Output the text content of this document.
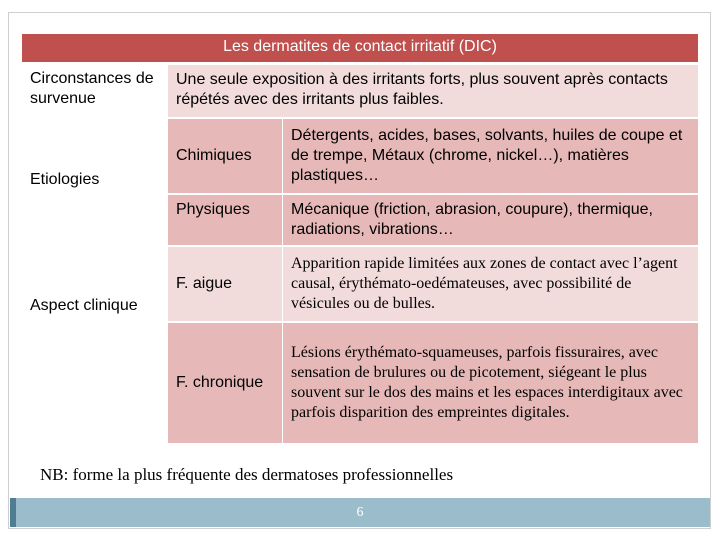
Les dermatites de contact irritatif (DIC)
Circonstances de survenue
Une seule exposition à des irritants forts, plus souvent après contacts répétés avec des irritants plus faibles.
Etiologies
Chimiques
Détergents, acides, bases, solvants, huiles de coupe et de trempe, Métaux (chrome, nickel…), matières plastiques…
Physiques	Mécanique (friction, abrasion, coupure), thermique, radiations, vibrations…
Aspect clinique
F. aigue
Apparition rapide limitées aux zones de contact avec l’agent causal, érythémato-oedémateuses, avec possibilité de vésicules ou de bulles.
F. chronique
Lésions érythémato-squameuses, parfois fissuraires, avec sensation de brulures ou de picotement, siégeant le plus souvent sur le dos des mains et les espaces interdigitaux avec parfois disparition des empreintes digitales.
NB: forme la plus fréquente des dermatoses professionnelles
6
